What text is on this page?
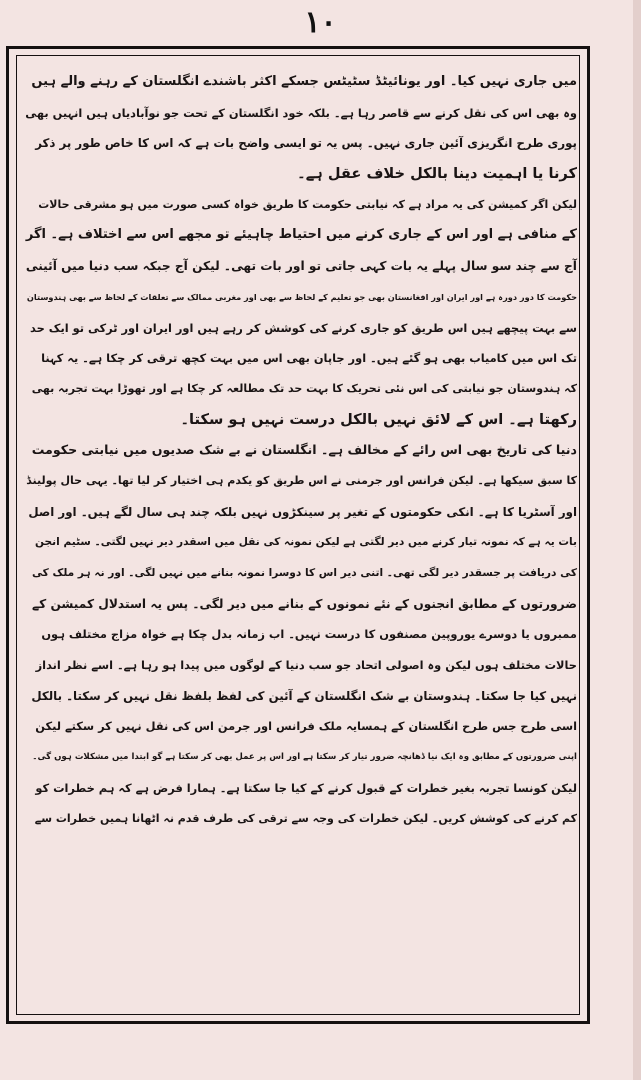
۱۰
میں جاری نہیں کیا۔ اور یونائیٹڈ سٹیٹس جسکے اکثر باشندے انگلستان کے رہنے والے ہیں
وہ بھی اس کی نقل کرنے سے قاصر رہا ہے۔ بلکہ خود انگلستان کے تحت جو نوآبادیاں ہیں انہیں بھی
پوری طرح انگریزی آئین جاری نہیں۔ پس یہ تو ایسی واضح بات ہے کہ اس کا خاص طور پر ذکر
کرنا یا اہمیت دینا بالکل خلاف عقل ہے۔
لیکن اگر کمیشن کی یہ مراد ہے کہ نیابتی حکومت کا طریق خواہ کسی صورت میں ہو مشرقی حالات
کے منافی ہے اور اس کے جاری کرنے میں احتیاط چاہیئے تو مجھے اس سے اختلاف ہے۔ اگر
آج سے چند سو سال پہلے یہ بات کہی جاتی تو اور بات تھی۔ لیکن آج جبکہ سب دنیا میں آئینی
حکومت کا دور دورہ ہے اور ایران اور افغانستان بھی جو تعلیم کے لحاظ سے بھی اور مغربی ممالک سے تعلقات کے لحاظ سے بھی ہندوستان
سے بہت پیچھے ہیں اس طریق کو جاری کرنے کی کوشش کر رہے ہیں اور ایران اور ٹرکی تو ایک حد
تک اس میں کامیاب بھی ہو گئے ہیں۔ اور جاپان بھی اس میں بہت کچھ ترقی کر چکا ہے۔ یہ کہنا
کہ ہندوستان جو نیابتی کی اس نئی تحریک کا بہت حد تک مطالعہ کر چکا ہے اور تھوڑا بہت تجربہ بھی
رکھتا ہے۔ اس کے لائق نہیں بالکل درست نہیں ہو سکتا۔
دنیا کی تاریخ بھی اس رائے کے مخالف ہے۔ انگلستان نے بے شک صدیوں میں نیابتی حکومت
کا سبق سیکھا ہے۔ لیکن فرانس اور جرمنی نے اس طریق کو یکدم ہی اختیار کر لیا تھا۔ یہی حال پولینڈ
اور آسٹریا کا ہے۔ انکی حکومتوں کے تغیر پر سینکڑوں نہیں بلکہ چند ہی سال لگے ہیں۔ اور اصل
بات یہ ہے کہ نمونہ تیار کرنے میں دیر لگتی ہے لیکن نمونہ کی نقل میں اسقدر دیر نہیں لگتی۔ سٹیم انجن
کی دریافت پر جسقدر دیر لگی تھی۔ اتنی دیر اس کا دوسرا نمونہ بنانے میں نہیں لگی۔ اور نہ ہر ملک کی
ضرورتوں کے مطابق انجنوں کے نئے نمونوں کے بنانے میں دیر لگی۔ پس یہ استدلال کمیشن کے
ممبروں یا دوسرے یوروپین مصنفوں کا درست نہیں۔ اب زمانہ بدل چکا ہے خواہ مزاج مختلف ہوں
حالات مختلف ہوں لیکن وہ اصولی اتحاد جو سب دنیا کے لوگوں میں پیدا ہو رہا ہے۔ اسے نظر انداز
نہیں کیا جا سکتا۔ ہندوستان بے شک انگلستان کے آئین کی لفظ بلفظ نقل نہیں کر سکتا۔ بالکل
اسی طرح جس طرح انگلستان کے ہمسایہ ملک فرانس اور جرمن اس کی نقل نہیں کر سکتے لیکن
اپنی ضرورتوں کے مطابق وہ ایک نیا ڈھانچہ ضرور تیار کر سکتا ہے اور اس پر عمل بھی کر سکتا ہے گو ابتدا میں مشکلات ہوں گی۔
لیکن کونسا تجربہ بغیر خطرات کے قبول کرنے کے کیا جا سکتا ہے۔ ہمارا فرض ہے کہ ہم خطرات کو
کم کرنے کی کوشش کریں۔ لیکن خطرات کی وجہ سے ترقی کی طرف قدم نہ اٹھانا ہمیں خطرات سے
